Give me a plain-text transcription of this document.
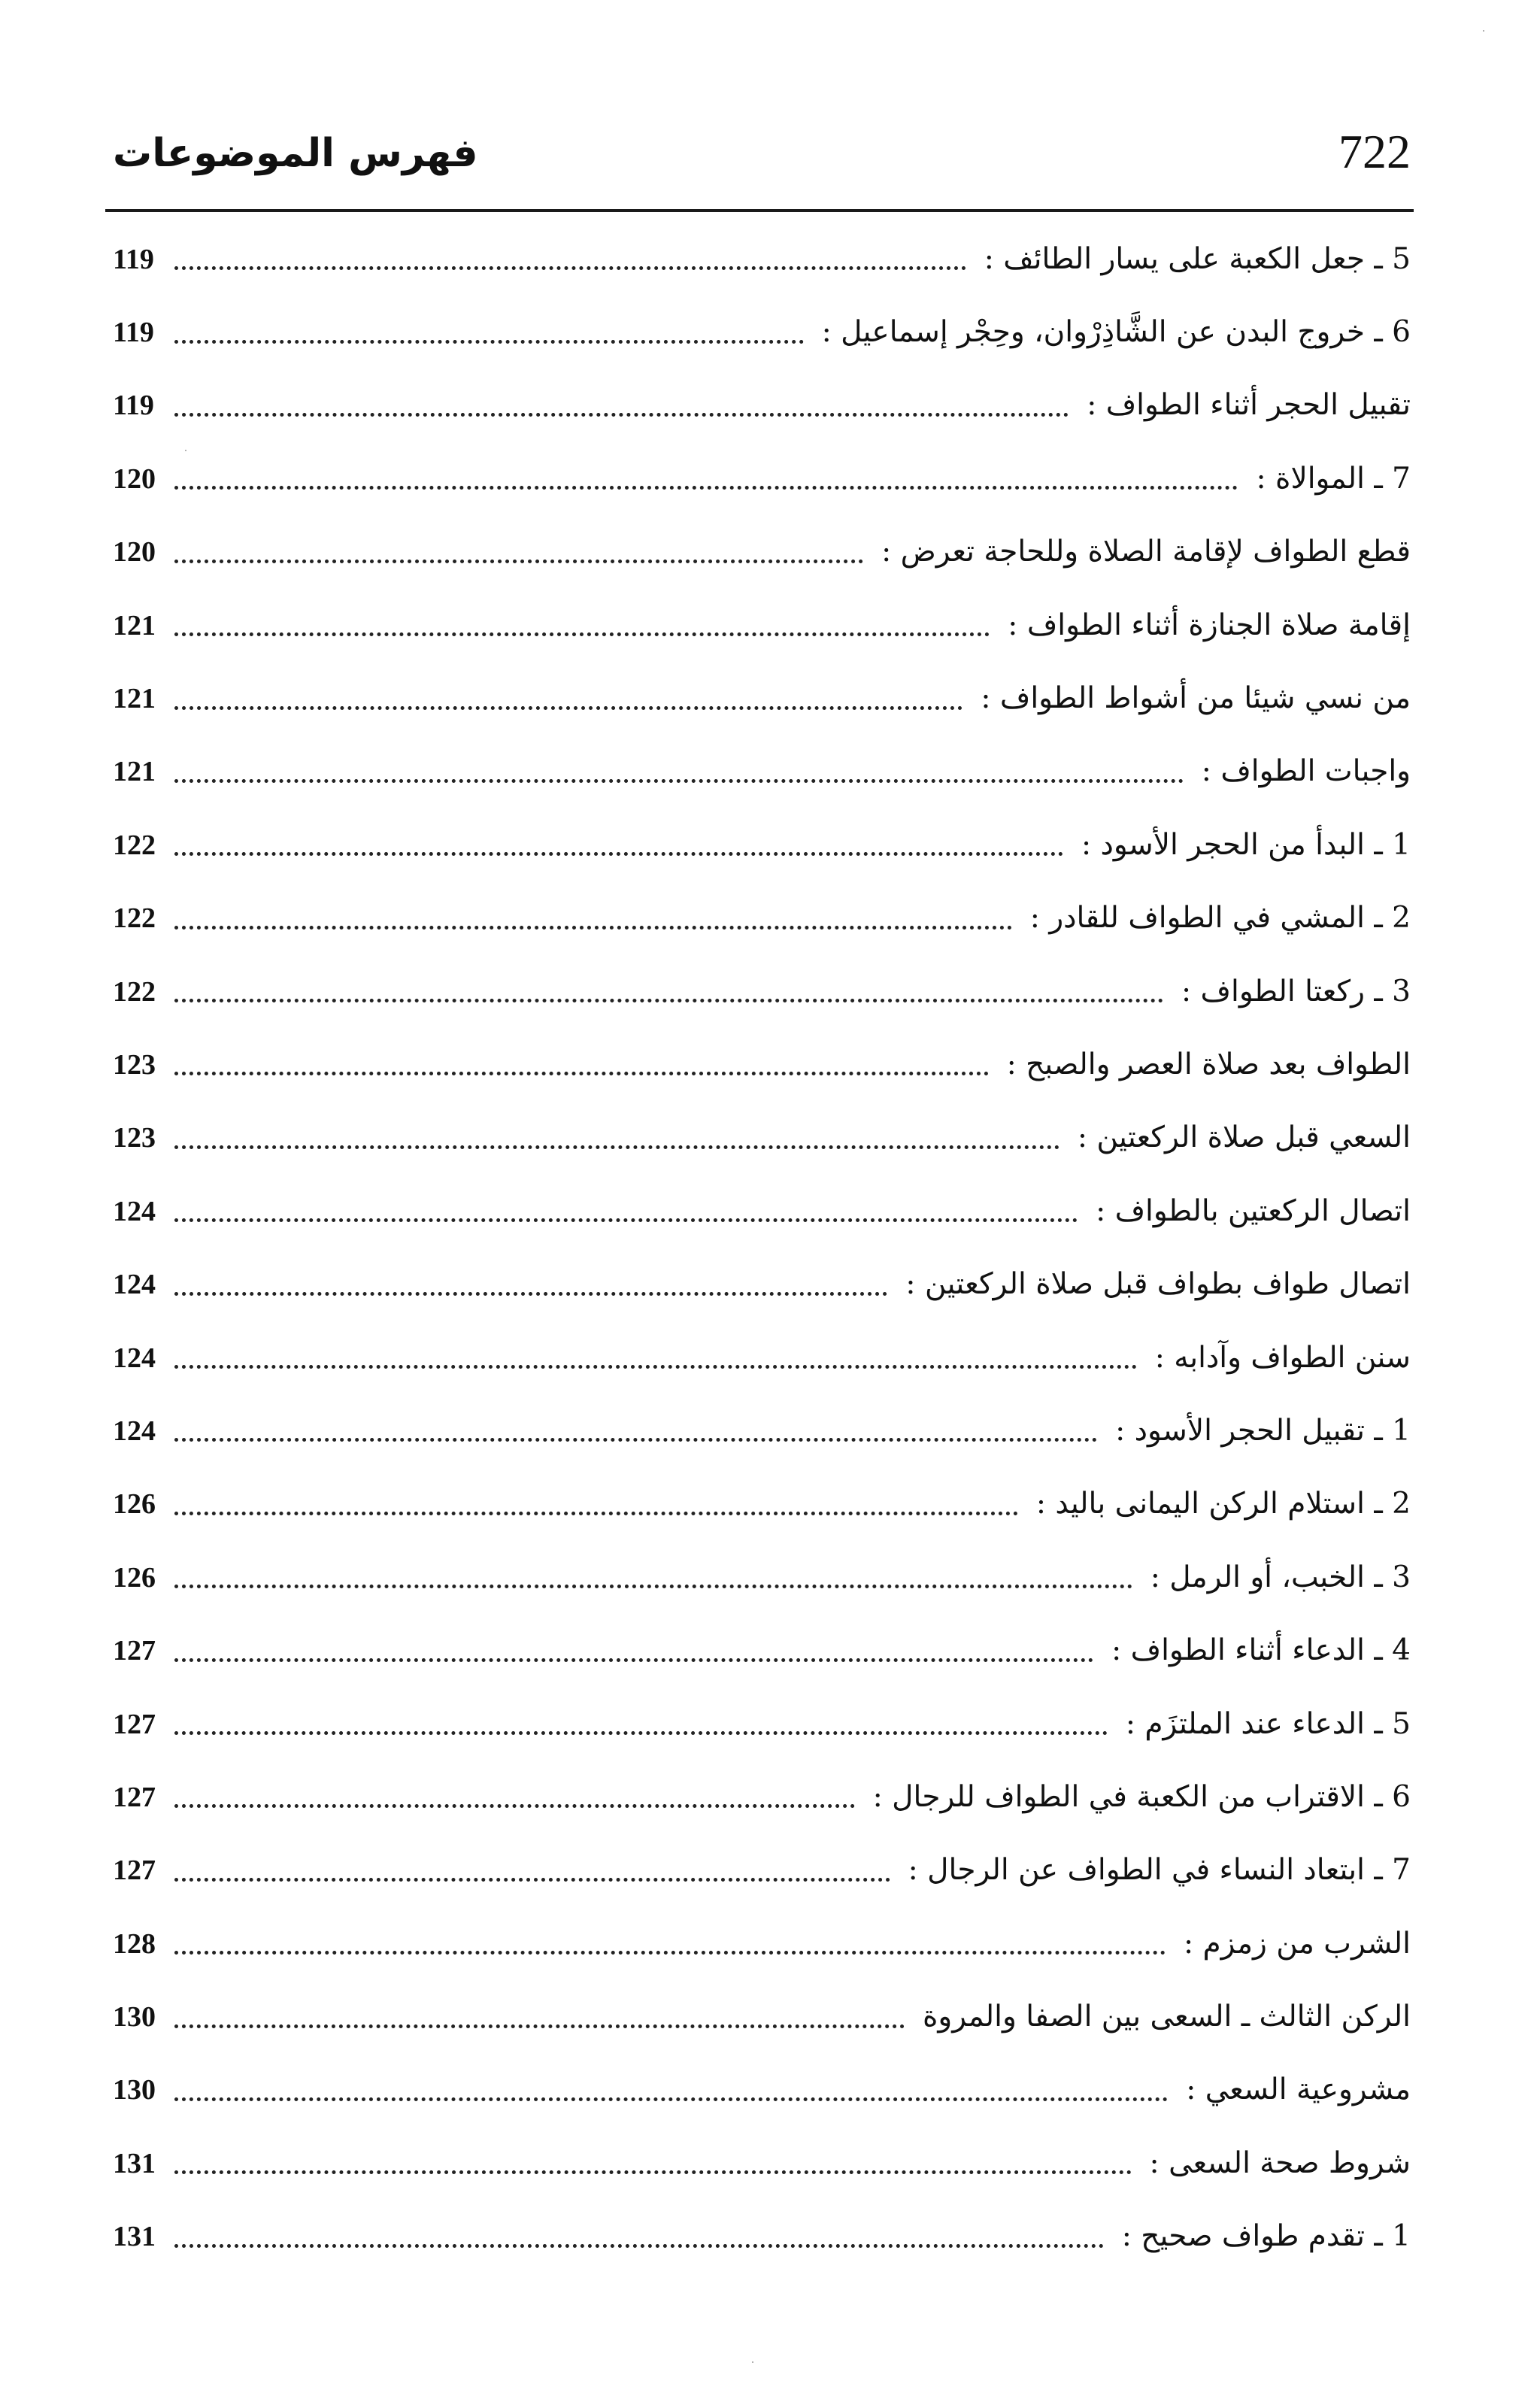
722
فهرس الموضوعات
5 ـ جعل الكعبة على يسار الطائف :
119
6 ـ خروج البدن عن الشَّاذِرْوان، وحِجْر إسماعيل :
119
تقبيل الحجر أثناء الطواف :
119
7 ـ الموالاة :
120
قطع الطواف لإقامة الصلاة وللحاجة تعرض :
120
إقامة صلاة الجنازة أثناء الطواف :
121
من نسي شيئا من أشواط الطواف :
121
واجبات الطواف :
121
1 ـ البدأ من الحجر الأسود :
122
2 ـ المشي في الطواف للقادر :
122
3 ـ ركعتا الطواف :
122
الطواف بعد صلاة العصر والصبح :
123
السعي قبل صلاة الركعتين :
123
اتصال الركعتين بالطواف :
124
اتصال طواف بطواف قبل صلاة الركعتين :
124
سنن الطواف وآدابه :
124
1 ـ تقبيل الحجر الأسود :
124
2 ـ استلام الركن اليمانى باليد :
126
3 ـ الخبب، أو الرمل :
126
4 ـ الدعاء أثناء الطواف :
127
5 ـ الدعاء عند الملتزَم :
127
6 ـ الاقتراب من الكعبة في الطواف للرجال :
127
7 ـ ابتعاد النساء في الطواف عن الرجال :
127
الشرب من زمزم :
128
الركن الثالث ـ السعى بين الصفا والمروة
130
مشروعية السعي :
130
شروط صحة السعى :
131
1 ـ تقدم طواف صحيح :
131
